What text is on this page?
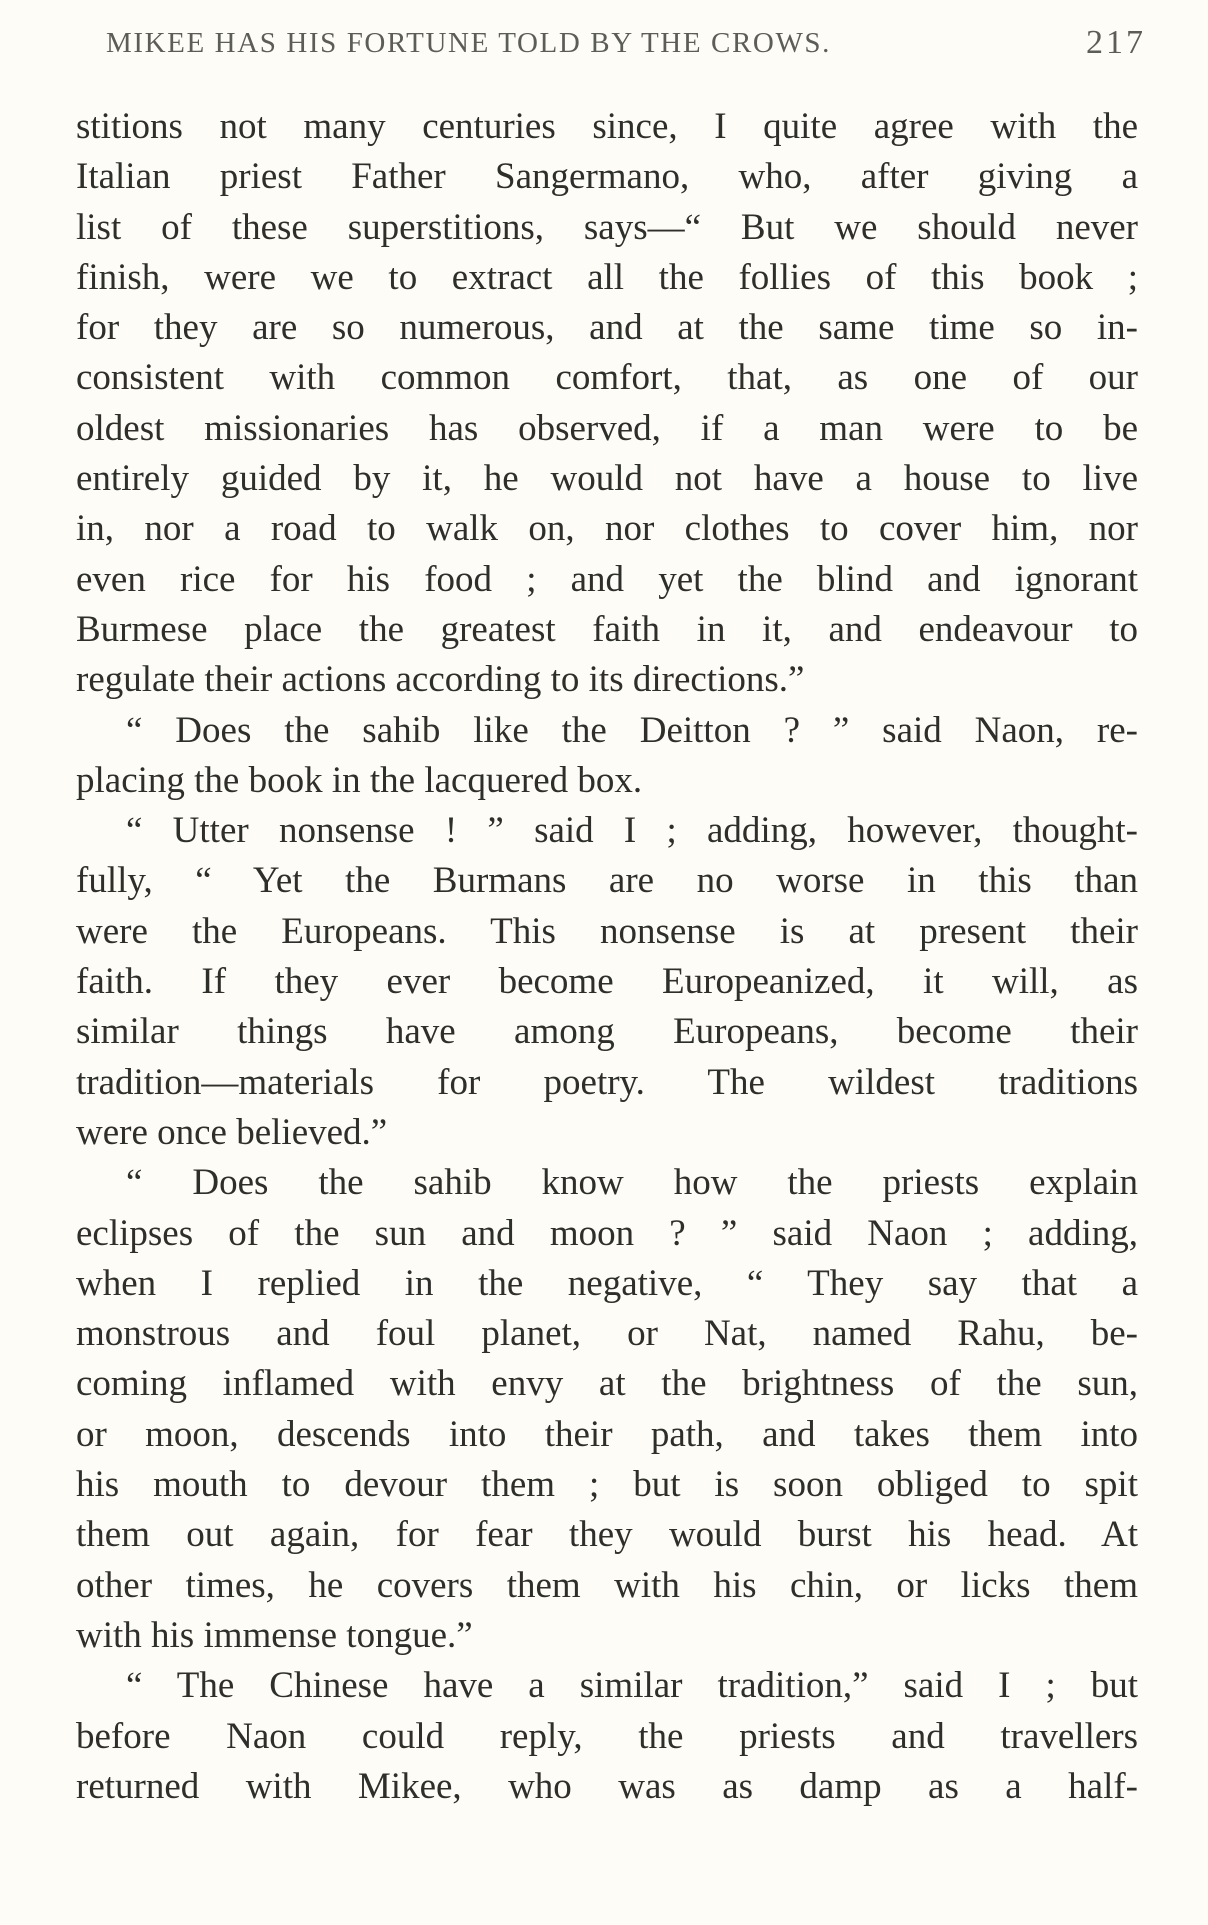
MIKEE HAS HIS FORTUNE TOLD BY THE CROWS.	217
stitions not many centuries since, I quite agree with the
Italian priest Father Sangermano, who, after giving a
list of these superstitions, says—“ But we should never
finish, were we to extract all the follies of this book ;
for they are so numerous, and at the same time so in-
consistent with common comfort, that, as one of our
oldest missionaries has observed, if a man were to be
entirely guided by it, he would not have a house to live
in, nor a road to walk on, nor clothes to cover him, nor
even rice for his food ; and yet the blind and ignorant
Burmese place the greatest faith in it, and endeavour to
regulate their actions according to its directions.”
“ Does the sahib like the Deitton ? ” said Naon, re-
placing the book in the lacquered box.
“ Utter nonsense ! ” said I ; adding, however, thought-
fully, “ Yet the Burmans are no worse in this than
were the Europeans. This nonsense is at present their
faith. If they ever become Europeanized, it will, as
similar things have among Europeans, become their
tradition—materials for poetry. The wildest traditions
were once believed.”
“ Does the sahib know how the priests explain
eclipses of the sun and moon ? ” said Naon ; adding,
when I replied in the negative, “ They say that a
monstrous and foul planet, or Nat, named Rahu, be-
coming inflamed with envy at the brightness of the sun,
or moon, descends into their path, and takes them into
his mouth to devour them ; but is soon obliged to spit
them out again, for fear they would burst his head. At
other times, he covers them with his chin, or licks them
with his immense tongue.”
“ The Chinese have a similar tradition,” said I ; but
before Naon could reply, the priests and travellers
returned with Mikee, who was as damp as a half-
